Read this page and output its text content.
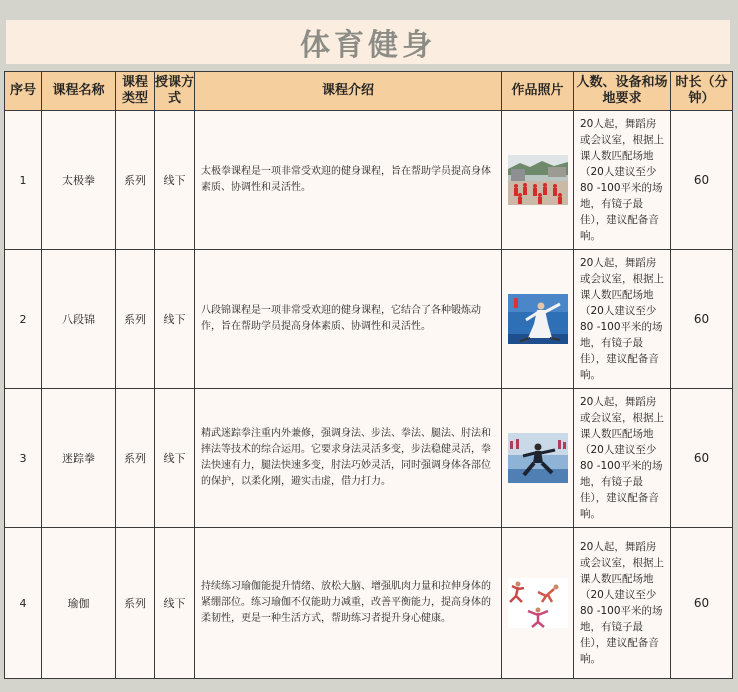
体育健身
序号	课程名称	课程类型	授课方式	课程介绍	作品照片	人数、设备和场地要求	时长（分钟）
1	太极拳	系列	线下	太极拳课程是一项非常受欢迎的健身课程，旨在帮助学员提高身体素质、协调性和灵活性。		20人起，舞蹈房或会议室，根据上课人数匹配场地（20人建议至少 80 -100平米的场地，有镜子最佳），建议配备音响。	60
2	八段锦	系列	线下	八段锦课程是一项非常受欢迎的健身课程，它结合了各种锻炼动作，旨在帮助学员提高身体素质、协调性和灵活性。		20人起，舞蹈房或会议室，根据上课人数匹配场地（20人建议至少 80 -100平米的场地，有镜子最佳），建议配备音响。	60
3	迷踪拳	系列	线下	精武迷踪拳注重内外兼修，强调身法、步法、拳法、腿法、肘法和摔法等技术的综合运用。它要求身法灵活多变，步法稳健灵活，拳法快速有力，腿法快速多变，肘法巧妙灵活，同时强调身体各部位的保护，以柔化刚，避实击虚，借力打力。		20人起，舞蹈房或会议室，根据上课人数匹配场地（20人建议至少 80 -100平米的场地，有镜子最佳），建议配备音响。	60
4	瑜伽	系列	线下	持续练习瑜伽能提升情绪、放松大脑、增强肌肉力量和拉伸身体的紧绷部位。练习瑜伽不仅能助力减重，改善平衡能力，提高身体的柔韧性，更是一种生活方式，帮助练习者提升身心健康。		20人起，舞蹈房或会议室，根据上课人数匹配场地（20人建议至少 80 -100平米的场地，有镜子最佳），建议配备音响。	60
